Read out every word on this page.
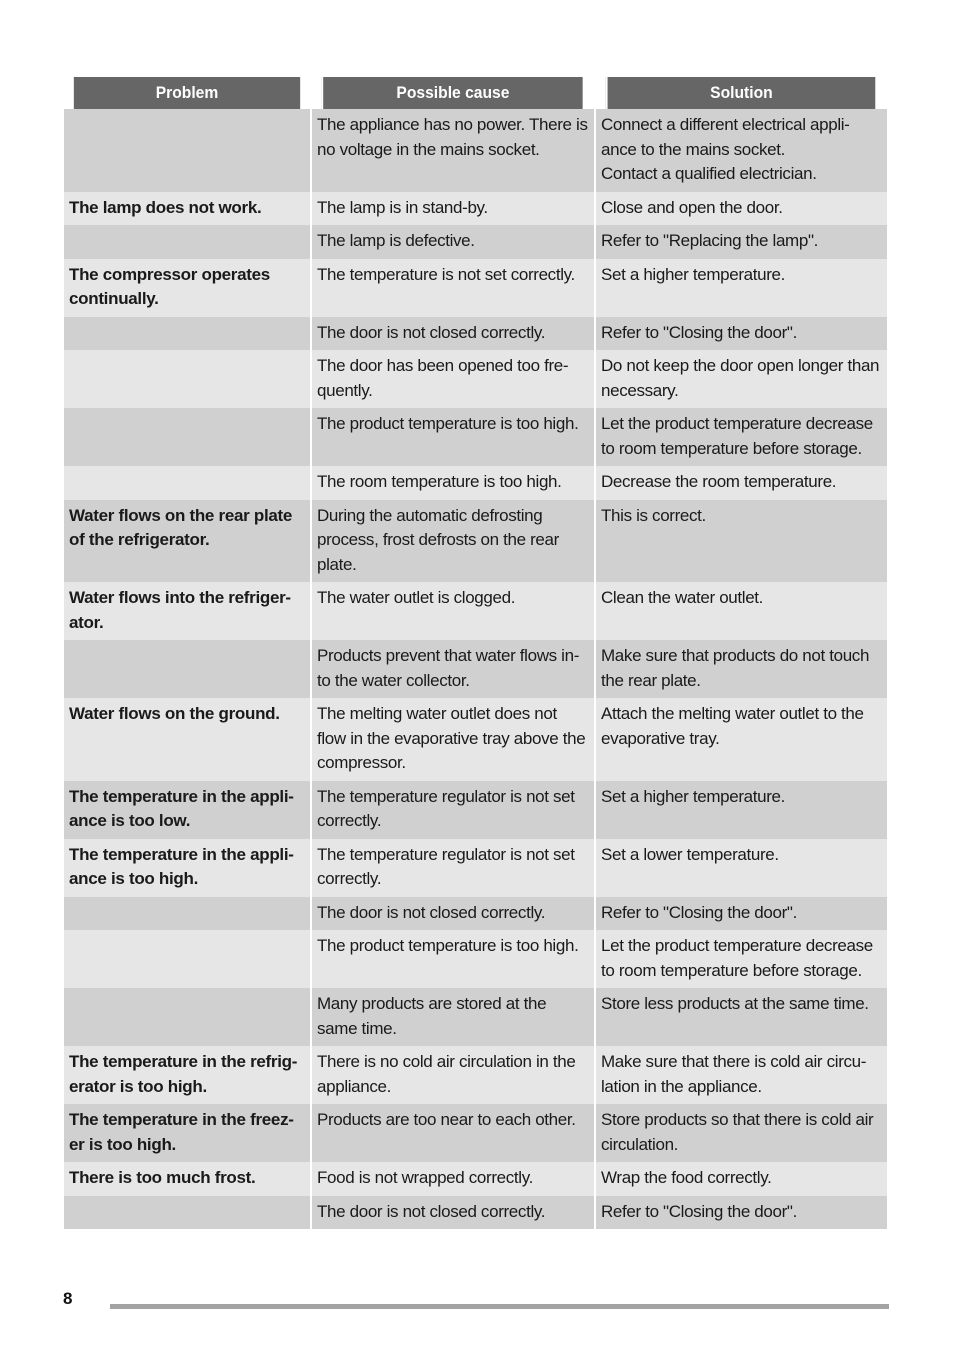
Problem	Possible cause	Solution

	The appliance has no power. There is no voltage in the mains socket.	Connect a different electrical appli-
ance to the mains socket.
Contact a qualified electrician.

The lamp does not work.	The lamp is in stand-by.	Close and open the door.

	The lamp is defective.	Refer to "Replacing the lamp".

The compressor operates continually.	The temperature is not set correctly.	Set a higher temperature.

	The door is not closed correctly.	Refer to "Closing the door".

	The door has been opened too fre-
quently.	Do not keep the door open longer than necessary.

	The product temperature is too high.	Let the product temperature decrease to room temperature before storage.

	The room temperature is too high.	Decrease the room temperature.

Water flows on the rear plate of the refrigerator.	During the automatic defrosting process, frost defrosts on the rear plate.	This is correct.

Water flows into the refriger-
ator.	The water outlet is clogged.	Clean the water outlet.

	Products prevent that water flows in-
to the water collector.	Make sure that products do not touch the rear plate.

Water flows on the ground.	The melting water outlet does not flow in the evaporative tray above the compressor.	Attach the melting water outlet to the evaporative tray.

The temperature in the appli-
ance is too low.	The temperature regulator is not set correctly.	Set a higher temperature.

The temperature in the appli-
ance is too high.	The temperature regulator is not set correctly.	Set a lower temperature.

	The door is not closed correctly.	Refer to "Closing the door".

	The product temperature is too high.	Let the product temperature decrease to room temperature before storage.

	Many products are stored at the same time.	Store less products at the same time.

The temperature in the refrig-
erator is too high.	There is no cold air circulation in the appliance.	Make sure that there is cold air circu-
lation in the appliance.

The temperature in the freez-
er is too high.	Products are too near to each other.	Store products so that there is cold air circulation.

There is too much frost.	Food is not wrapped correctly.	Wrap the food correctly.

	The door is not closed correctly.	Refer to "Closing the door".
8
